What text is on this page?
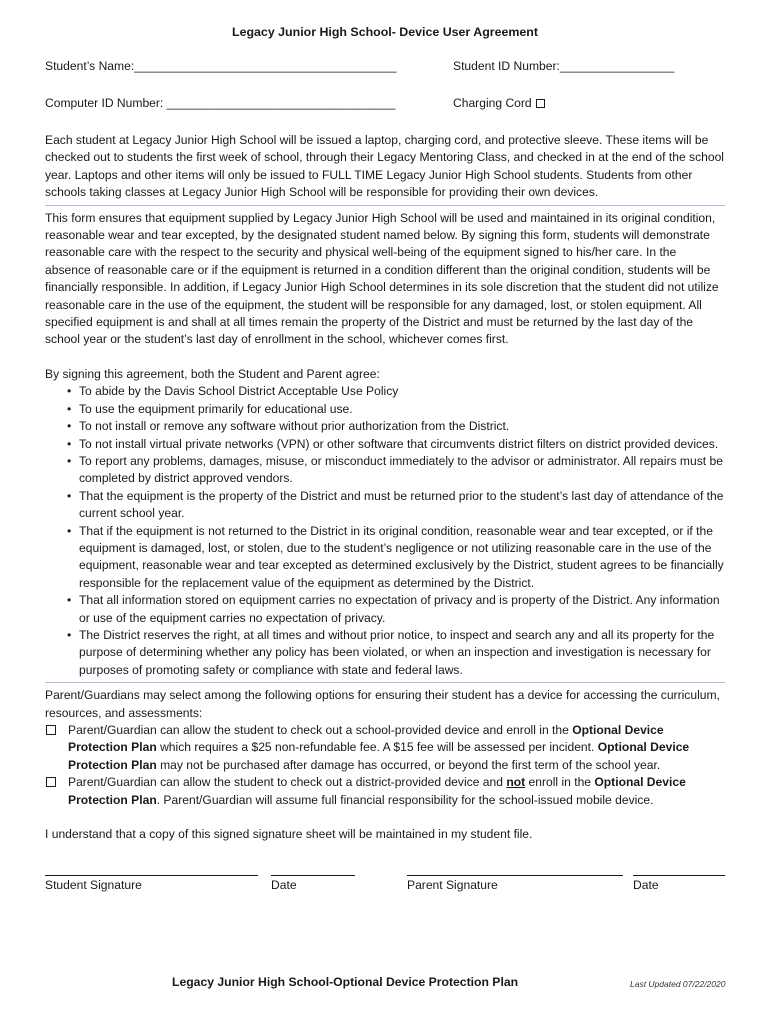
Legacy Junior High School- Device User Agreement
Student’s Name:_______________________________________	Student ID Number:_________________
Computer ID Number: __________________________________	Charging Cord

Each student at Legacy Junior High School will be issued a laptop, charging cord, and protective sleeve. These items will be checked out to students the first week of school, through their Legacy Mentoring Class, and checked in at the end of the school year. Laptops and other items will only be issued to FULL TIME Legacy Junior High School students. Students from other schools taking classes at Legacy Junior High School will be responsible for providing their own devices.

This form ensures that equipment supplied by Legacy Junior High School will be used and maintained in its original condition, reasonable wear and tear excepted, by the designated student named below. By signing this form, students will demonstrate reasonable care with the respect to the security and physical well-being of the equipment signed to his/her care. In the absence of reasonable care or if the equipment is returned in a condition different than the original condition, students will be financially responsible. In addition, if Legacy Junior High School determines in its sole discretion that the student did not utilize reasonable care in the use of the equipment, the student will be responsible for any damaged, lost, or stolen equipment. All specified equipment is and shall at all times remain the property of the District and must be returned by the last day of the school year or the student’s last day of enrollment in the school, whichever comes first.

By signing this agreement, both the Student and Parent agree:

• To abide by the Davis School District Acceptable Use Policy
• To use the equipment primarily for educational use.
• To not install or remove any software without prior authorization from the District.
• To not install virtual private networks (VPN) or other software that circumvents district filters on district provided devices.
• To report any problems, damages, misuse, or misconduct immediately to the advisor or administrator. All repairs must be completed by district approved vendors.
• That the equipment is the property of the District and must be returned prior to the student’s last day of attendance of the current school year.
• That if the equipment is not returned to the District in its original condition, reasonable wear and tear excepted, or if the equipment is damaged, lost, or stolen, due to the student’s negligence or not utilizing reasonable care in the use of the equipment, reasonable wear and tear excepted as determined exclusively by the District, student agrees to be financially responsible for the replacement value of the equipment as determined by the District.
• That all information stored on equipment carries no expectation of privacy and is property of the District. Any information or use of the equipment carries no expectation of privacy.
• The District reserves the right, at all times and without prior notice, to inspect and search any and all its property for the purpose of determining whether any policy has been violated, or when an inspection and investigation is necessary for purposes of promoting safety or compliance with state and federal laws.

Parent/Guardians may select among the following options for ensuring their student has a device for accessing the curriculum, resources, and assessments:

Parent/Guardian can allow the student to check out a school-provided device and enroll in the Optional Device Protection Plan which requires a $25 non-refundable fee. A $15 fee will be assessed per incident. Optional Device Protection Plan may not be purchased after damage has occurred, or beyond the first term of the school year.
Parent/Guardian can allow the student to check out a district-provided device and not enroll in the Optional Device Protection Plan. Parent/Guardian will assume full financial responsibility for the school-issued mobile device.

I understand that a copy of this signed signature sheet will be maintained in my student file.

Student Signature	Date	Parent Signature	Date
Legacy Junior High School-Optional Device Protection Plan	Last Updated 07/22/2020
